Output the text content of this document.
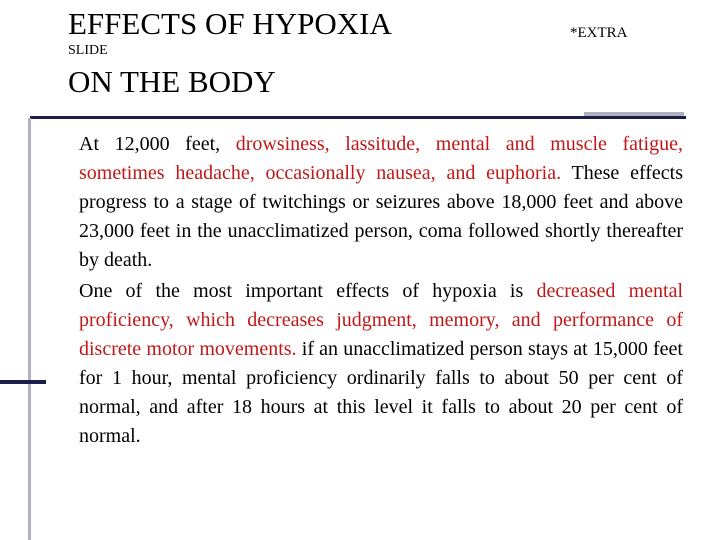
EFFECTS OF HYPOXIA	*EXTRA
SLIDE
ON THE BODY

At 12,000 feet, drowsiness, lassitude, mental and muscle fatigue, sometimes headache, occasionally nausea, and euphoria. These effects progress to a stage of twitchings or seizures above 18,000 feet and above 23,000 feet in the unacclimatized person, coma followed shortly thereafter by death.

One of the most important effects of hypoxia is decreased mental proficiency, which decreases judgment, memory, and performance of discrete motor movements. if an unacclimatized person stays at 15,000 feet for 1 hour, mental proficiency ordinarily falls to about 50 per cent of normal, and after 18 hours at this level it falls to about 20 per cent of normal.
